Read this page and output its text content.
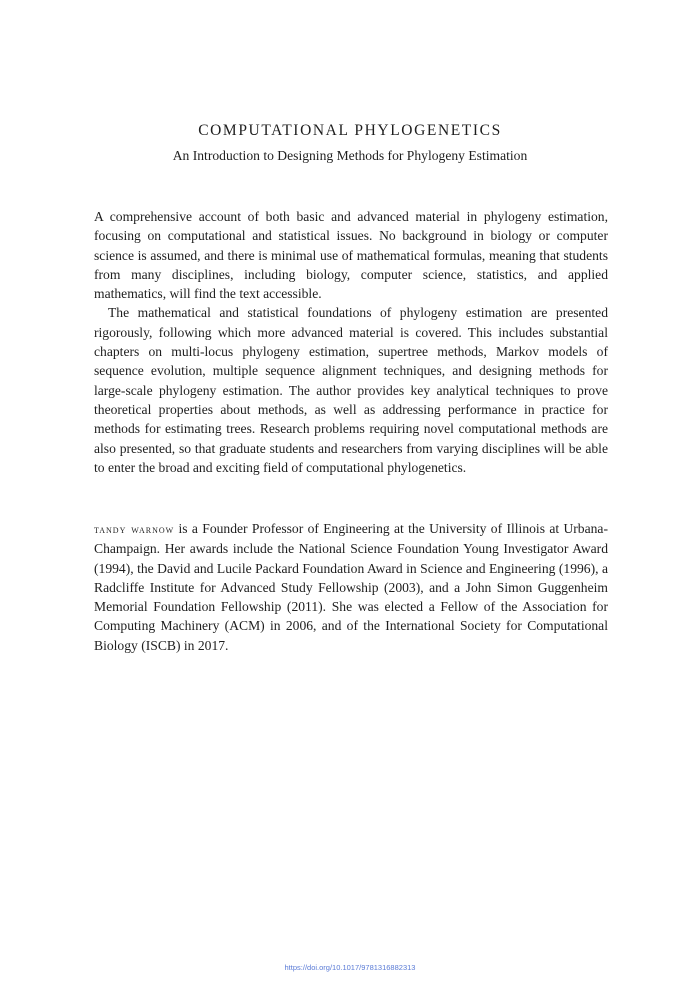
COMPUTATIONAL PHYLOGENETICS
An Introduction to Designing Methods for Phylogeny Estimation

A comprehensive account of both basic and advanced material in phylogeny estimation, focusing on computational and statistical issues. No background in biology or computer science is assumed, and there is minimal use of mathematical formulas, meaning that students from many disciplines, including biology, computer science, statistics, and applied mathematics, will find the text accessible.

The mathematical and statistical foundations of phylogeny estimation are presented rigorously, following which more advanced material is covered. This includes substantial chapters on multi-locus phylogeny estimation, supertree methods, Markov models of sequence evolution, multiple sequence alignment techniques, and designing methods for large-scale phylogeny estimation. The author provides key analytical techniques to prove theoretical properties about methods, as well as addressing performance in practice for methods for estimating trees. Research problems requiring novel computational methods are also presented, so that graduate students and researchers from varying disciplines will be able to enter the broad and exciting field of computational phylogenetics.

tandy warnow is a Founder Professor of Engineering at the University of Illinois at Urbana-Champaign. Her awards include the National Science Foundation Young Investigator Award (1994), the David and Lucile Packard Foundation Award in Science and Engineering (1996), a Radcliffe Institute for Advanced Study Fellowship (2003), and a John Simon Guggenheim Memorial Foundation Fellowship (2011). She was elected a Fellow of the Association for Computing Machinery (ACM) in 2006, and of the International Society for Computational Biology (ISCB) in 2017.

https://doi.org/10.1017/9781316882313
